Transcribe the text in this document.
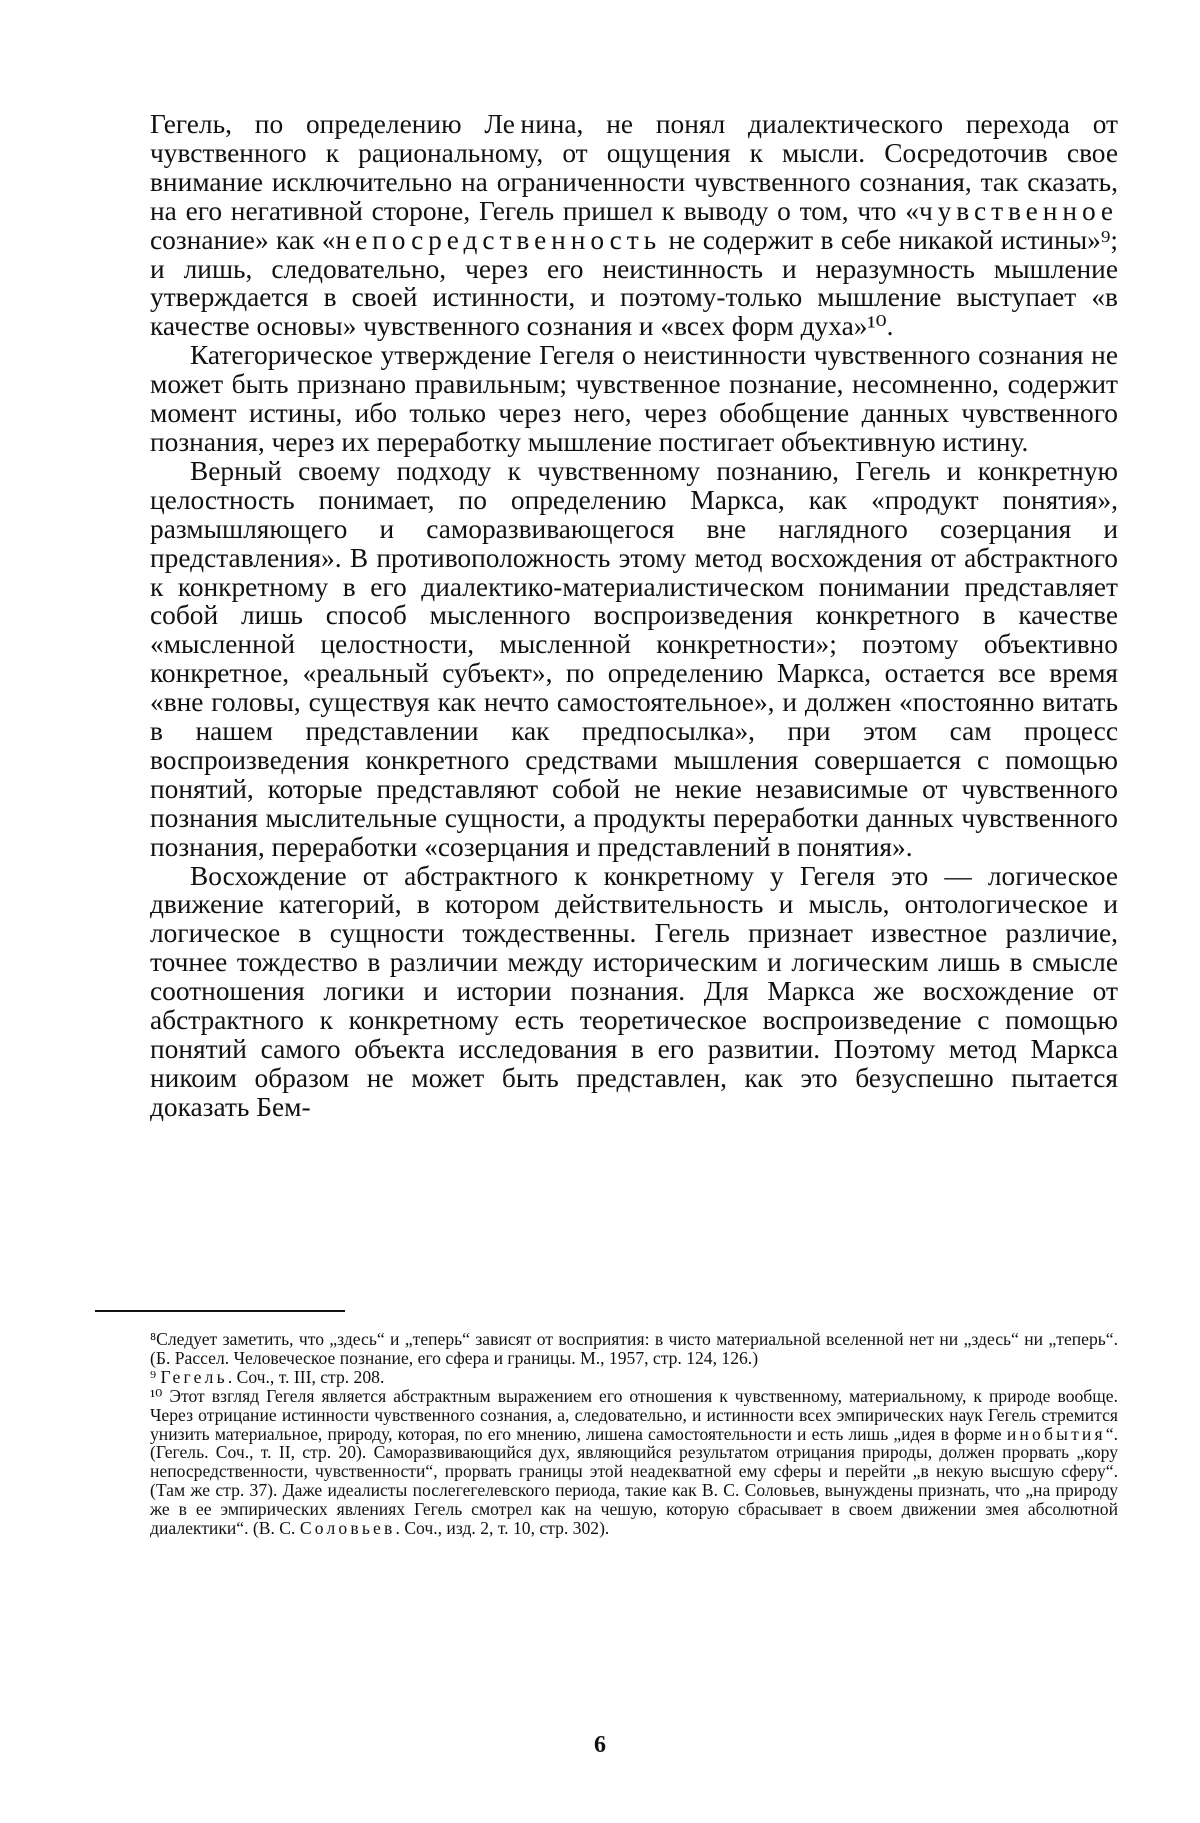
Гегель, по определению Ле нина, не понял диалектического перехода от чувственного к рациональному, от ощущения к мысли. Сосредоточив свое внимание исключительно на ограниченности чувственного сознания, так сказать, на его негативной стороне, Гегель пришел к выводу о том, что «чувственное сознание» как «непосредственность не содержит в себе никакой истины»⁹; и лишь, следовательно, через его неистинность и неразумность мышление утверждается в своей истинности, и поэтому-только мышление выступает «в качестве основы» чувственного сознания и «всех форм духа»¹⁰.

Категорическое утверждение Гегеля о неистинности чувственного сознания не может быть признано правильным; чувственное познание, несомненно, содержит момент истины, ибо только через него, через обобщение данных чувственного познания, через их переработку мышление постигает объективную истину.

Верный своему подходу к чувственному познанию, Гегель и конкретную целостность понимает, по определению Маркса, как «продукт понятия», размышляющего и саморазвивающегося вне наглядного созерцания и представления». В противоположность этому метод восхождения от абстрактного к конкретному в его диалектико-материалистическом понимании представляет собой лишь способ мысленного воспроизведения конкретного в качестве «мысленной целостности, мысленной конкретности»; поэтому объективно конкретное, «реальный субъект», по определению Маркса, остается все время «вне головы, существуя как нечто самостоятельное», и должен «постоянно витать в нашем представлении как предпосылка», при этом сам процесс воспроизведения конкретного средствами мышления совершается с помощью понятий, которые представляют собой не некие независимые от чувственного познания мыслительные сущности, а продукты переработки данных чувственного познания, переработки «созерцания и представлений в понятия».

Восхождение от абстрактного к конкретному у Гегеля это — логическое движение категорий, в котором действительность и мысль, онтологическое и логическое в сущности тождественны. Гегель признает известное различие, точнее тождество в различии между историческим и логическим лишь в смысле соотношения логики и истории познания. Для Маркса же восхождение от абстрактного к конкретному есть теоретическое воспроизведение с помощью понятий самого объекта исследования в его развитии. Поэтому метод Маркса никоим образом не может быть представлен, как это безуспешно пытается доказать Бем-

⁸Следует заметить, что „здесь“ и „теперь“ зависят от восприятия: в чисто материальной вселенной нет ни „здесь“ ни „теперь“. (Б. Рассел. Человеческое познание, его сфера и границы. М., 1957, стр. 124, 126.)

⁹ Гегель. Соч., т. III, стр. 208.

¹⁰ Этот взгляд Гегеля является абстрактным выражением его отношения к чувственному, материальному, к природе вообще. Через отрицание истинности чувственного сознания, а, следовательно, и истинности всех эмпирических наук Гегель стремится унизить материальное, природу, которая, по его мнению, лишена самостоятельности и есть лишь „идея в форме инобытия“. (Гегель. Соч., т. II, стр. 20). Саморазвивающийся дух, являющийся результатом отрицания природы, должен прорвать „кору непосредственности, чувственности“, прорвать границы этой неадекватной ему сферы и перейти „в некую высшую сферу“. (Там же стр. 37). Даже идеалисты послегегелевского периода, такие как В. С. Соловьев, вынуждены признать, что „на природу же в ее эмпирических явлениях Гегель смотрел как на чешую, которую сбрасывает в своем движении змея абсолютной диалектики“. (В. С. Соловьев. Соч., изд. 2, т. 10, стр. 302).

6
